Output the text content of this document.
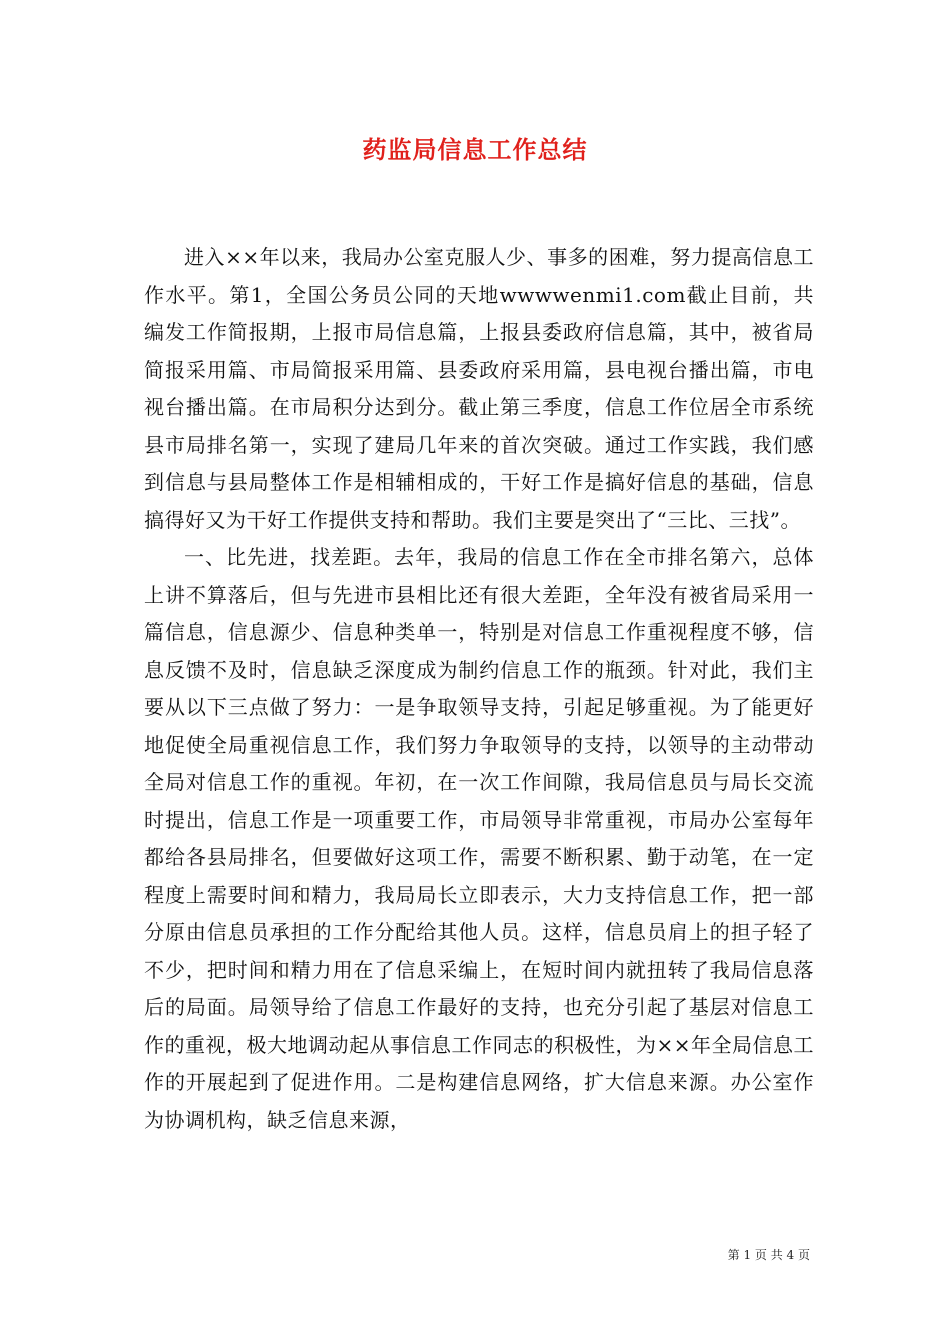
药监局信息工作总结

进入××年以来，我局办公室克服人少、事多的困难，努力提高信息工作水平。第1，全国公务员公同的天地wwwwenmi1.com截止目前，共编发工作简报期，上报市局信息篇，上报县委政府信息篇，其中，被省局简报采用篇、市局简报采用篇、县委政府采用篇，县电视台播出篇，市电视台播出篇。在市局积分达到分。截止第三季度，信息工作位居全市系统县市局排名第一，实现了建局几年来的首次突破。通过工作实践，我们感到信息与县局整体工作是相辅相成的，干好工作是搞好信息的基础，信息搞得好又为干好工作提供支持和帮助。我们主要是突出了“三比、三找”。

一、比先进，找差距。去年，我局的信息工作在全市排名第六，总体上讲不算落后，但与先进市县相比还有很大差距，全年没有被省局采用一篇信息，信息源少、信息种类单一，特别是对信息工作重视程度不够，信息反馈不及时，信息缺乏深度成为制约信息工作的瓶颈。针对此，我们主要从以下三点做了努力：一是争取领导支持，引起足够重视。为了能更好地促使全局重视信息工作，我们努力争取领导的支持，以领导的主动带动全局对信息工作的重视。年初，在一次工作间隙，我局信息员与局长交流时提出，信息工作是一项重要工作，市局领导非常重视，市局办公室每年都给各县局排名，但要做好这项工作，需要不断积累、勤于动笔，在一定程度上需要时间和精力，我局局长立即表示，大力支持信息工作，把一部分原由信息员承担的工作分配给其他人员。这样，信息员肩上的担子轻了不少，把时间和精力用在了信息采编上，在短时间内就扭转了我局信息落后的局面。局领导给了信息工作最好的支持，也充分引起了基层对信息工作的重视，极大地调动起从事信息工作同志的积极性，为××年全局信息工作的开展起到了促进作用。二是构建信息网络，扩大信息来源。办公室作为协调机构，缺乏信息来源，

第 1 页 共 4 页
